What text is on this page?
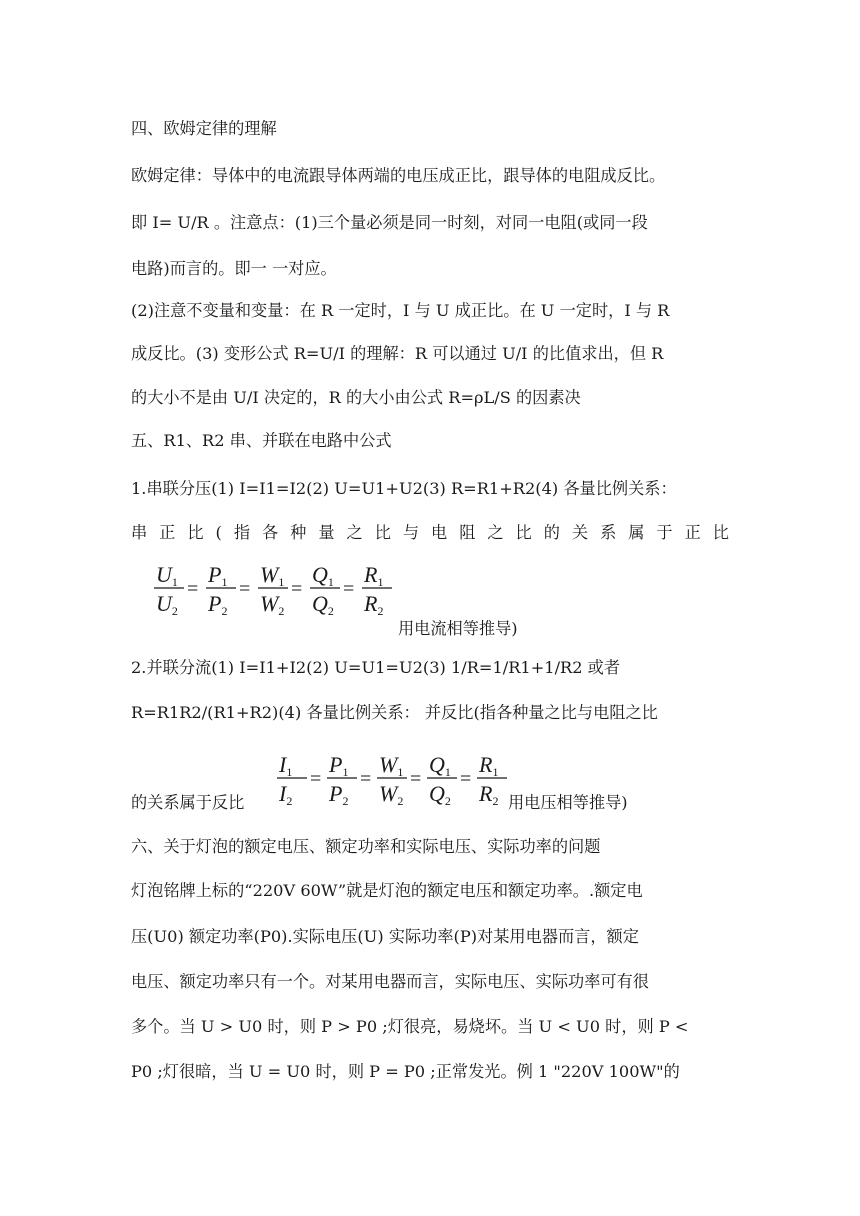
四、欧姆定律的理解
欧姆定律：导体中的电流跟导体两端的电压成正比，跟导体的电阻成反比。
即 I= U/R 。注意点：(1)三个量必须是同一时刻，对同一电阻(或同一段
电路)而言的。即一 一对应。
(2)注意不变量和变量：在 R 一定时，I 与 U 成正比。在 U 一定时，I 与 R
成反比。(3) 变形公式 R=U/I 的理解：R 可以通过 U/I 的比值求出，但 R
的大小不是由 U/I 决定的，R 的大小由公式 R=ρL/S 的因素决
五、R1、R2 串、并联在电路中公式
1.串联分压(1) I=I1=I2(2) U=U1+U2(3) R=R1+R2(4) 各量比例关系：
串 正 比 ( 指 各 种 量 之 比 与 电 阻 之 比 的 关 系 属 于 正 比
U1
U2
=
P1
P2
=
W1
W2
=
Q1
Q2
=
R1
R2
用电流相等推导)
2.并联分流(1) I=I1+I2(2) U=U1=U2(3) 1/R=1/R1+1/R2 或者
R=R1R2/(R1+R2)(4) 各量比例关系： 并反比(指各种量之比与电阻之比
I1
I2
=
P1
P2
=
W1
W2
=
Q1
Q2
=
R1
R2
的关系属于反比	用电压相等推导)
六、关于灯泡的额定电压、额定功率和实际电压、实际功率的问题
灯泡铭牌上标的“220V 60W”就是灯泡的额定电压和额定功率。.额定电
压(U0) 额定功率(P0).实际电压(U) 实际功率(P)对某用电器而言，额定
电压、额定功率只有一个。对某用电器而言，实际电压、实际功率可有很
多个。当 U > U0 时，则 P > P0 ;灯很亮，易烧坏。当 U < U0 时，则 P <
P0 ;灯很暗，当 U = U0 时，则 P = P0 ;正常发光。例 1 "220V 100W"的
